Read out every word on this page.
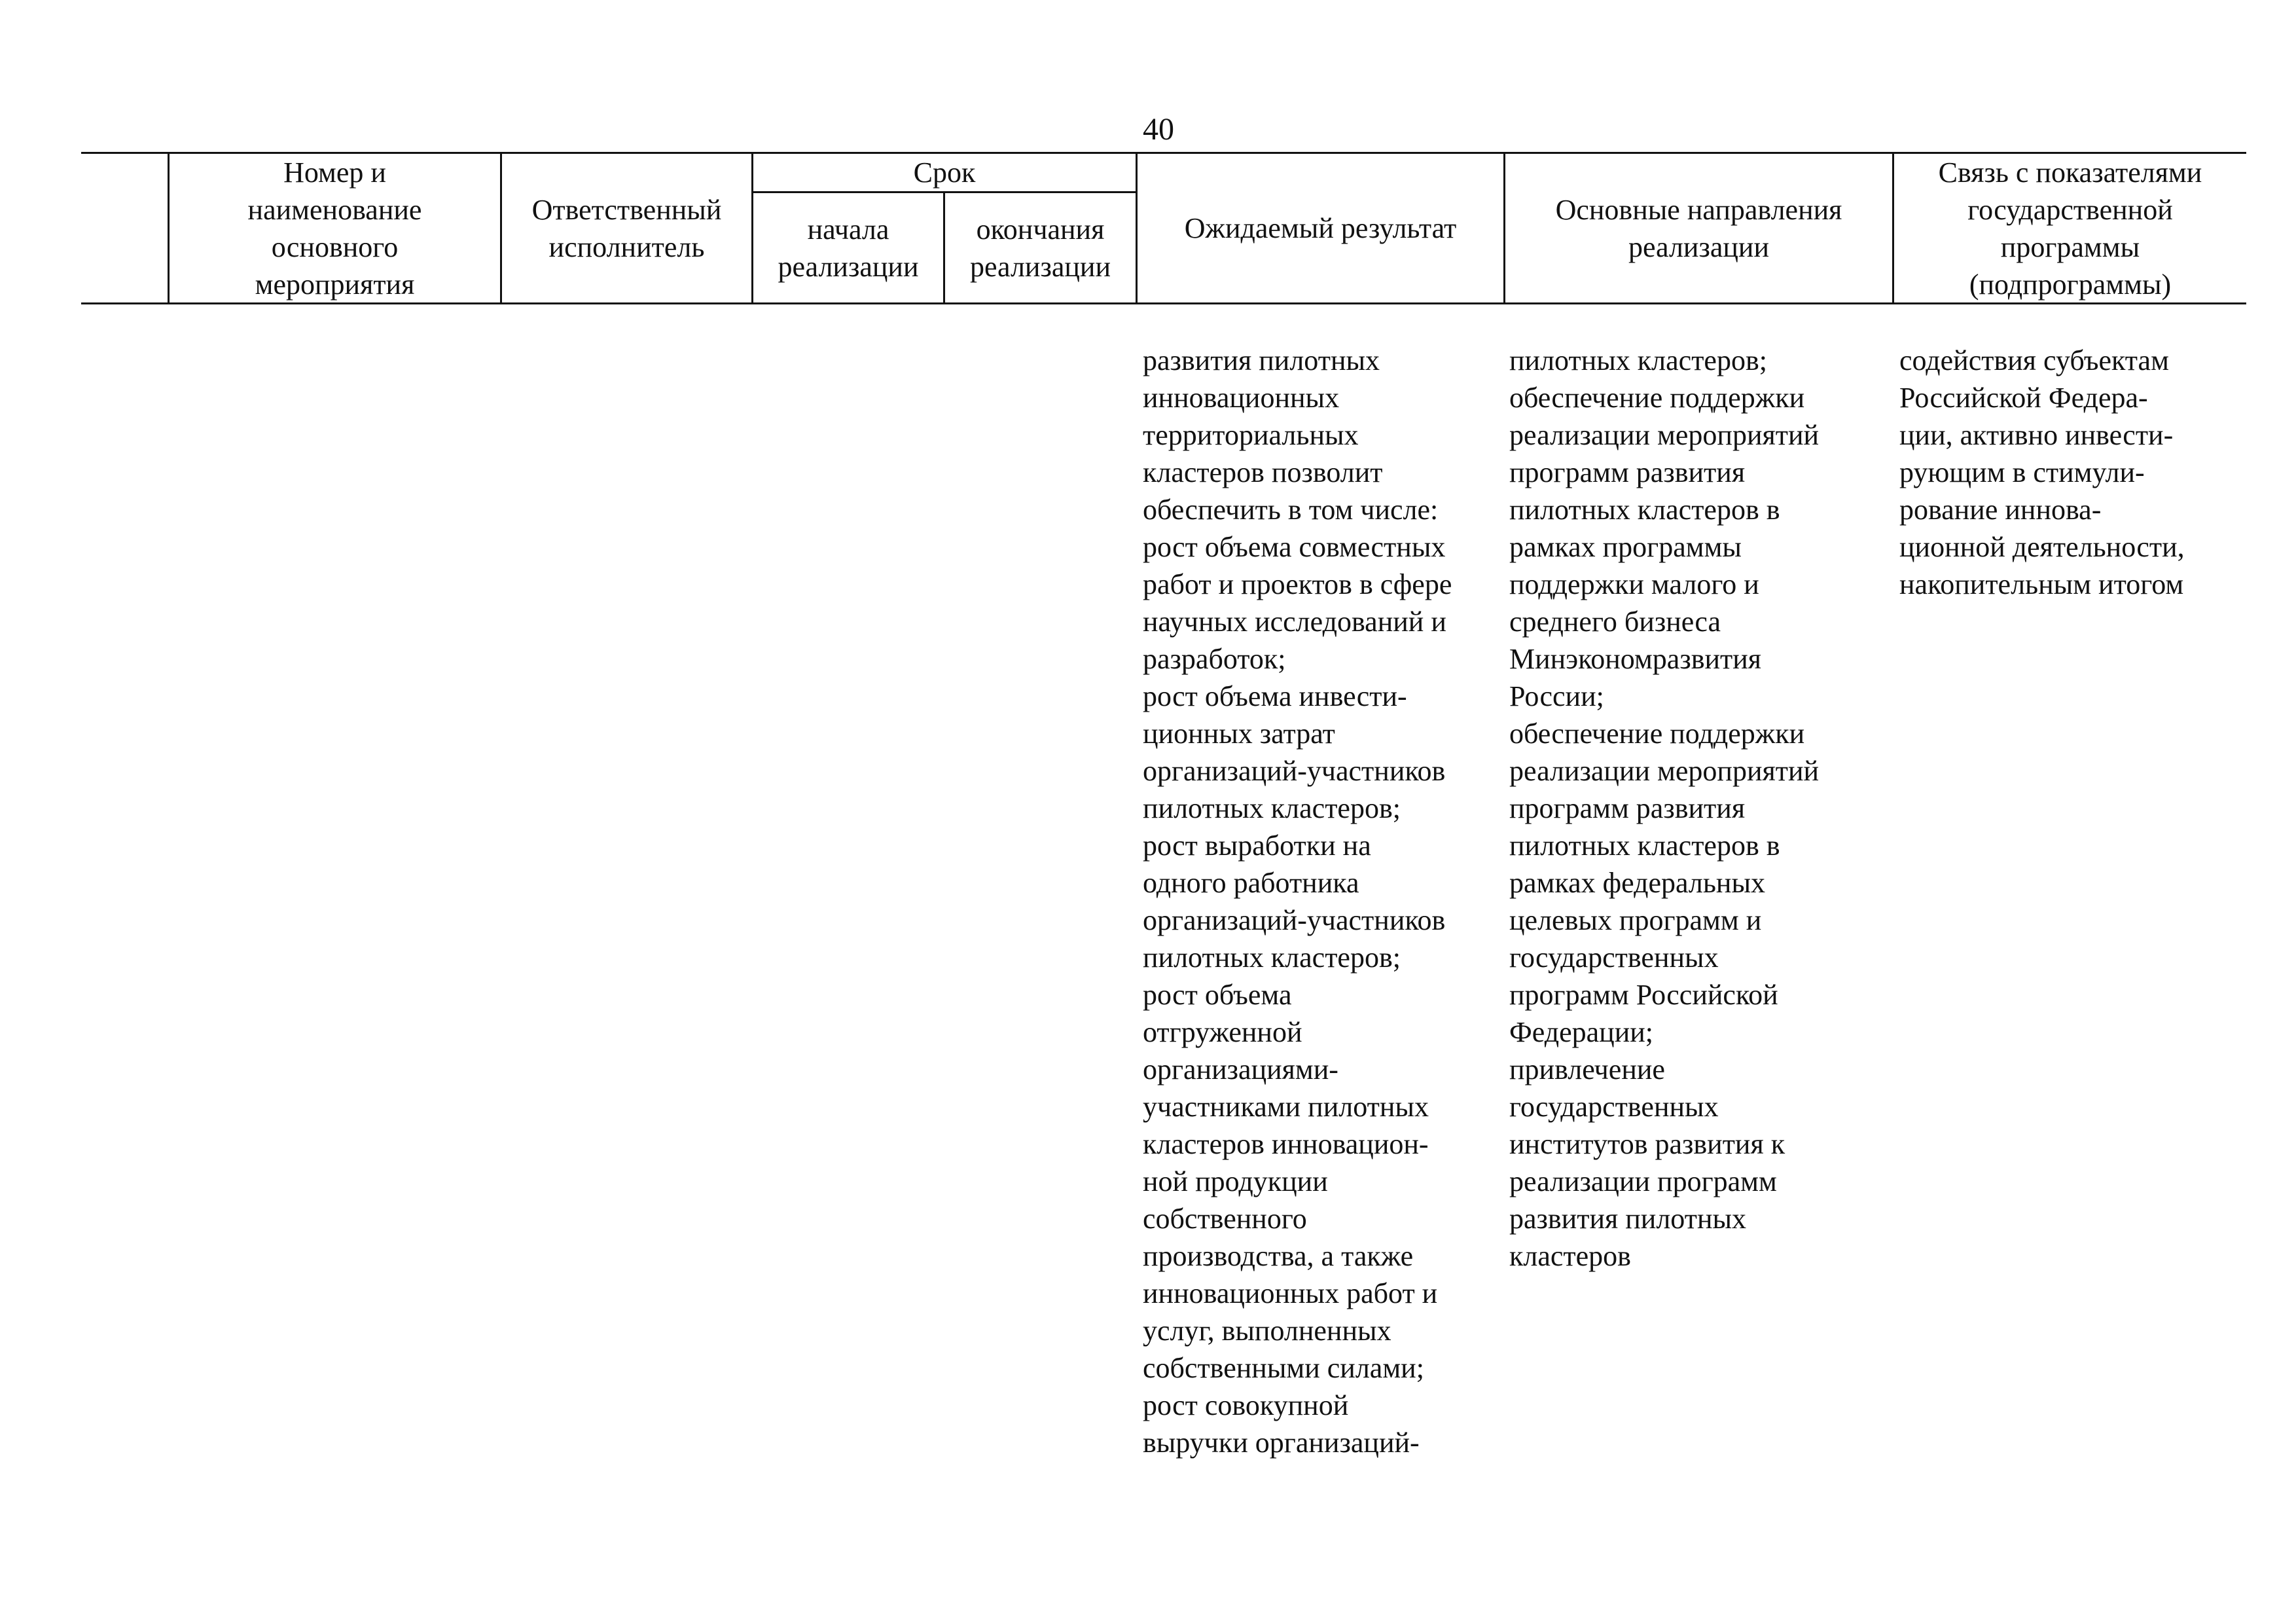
40
Номер и
наименование
основного
мероприятия
Ответственный
исполнитель
Срок
начала
реализации
окончания
реализации
Ожидаемый результат
Основные направления
реализации
Связь с показателями
государственной
программы
(подпрограммы)
развития пилотных
инновационных
территориальных
кластеров позволит
обеспечить в том числе:
рост объема совместных
работ и проектов в сфере
научных исследований и
разработок;
рост объема инвести-
ционных затрат
организаций-участников
пилотных кластеров;
рост выработки на
одного работника
организаций-участников
пилотных кластеров;
рост объема
отгруженной
организациями-
участниками пилотных
кластеров инновацион-
ной продукции
собственного
производства, а также
инновационных работ и
услуг, выполненных
собственными силами;
рост совокупной
выручки организаций-
пилотных кластеров;
обеспечение поддержки
реализации мероприятий
программ развития
пилотных кластеров в
рамках программы
поддержки малого и
среднего бизнеса
Минэкономразвития
России;
обеспечение поддержки
реализации мероприятий
программ развития
пилотных кластеров в
рамках федеральных
целевых программ и
государственных
программ Российской
Федерации;
привлечение
государственных
институтов развития к
реализации программ
развития пилотных
кластеров
содействия субъектам
Российской Федера-
ции, активно инвести-
рующим в стимули-
рование иннова-
ционной деятельности,
накопительным итогом
